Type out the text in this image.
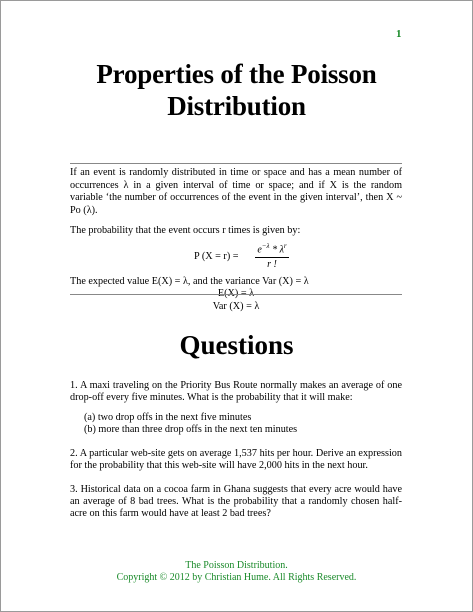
1
Properties of the Poisson
Distribution

If an event is randomly distributed in time or space and has a mean number of occurrences λ in a given interval of time or space; and if X is the random variable ‘the number of occurrences of the event in the given interval’, then X ~ Po (λ).

The probability that the event occurs r times is given by:

P (X = r) =
$e^{-\lambda} * \lambda^r$
r !

The expected value E(X) = λ, and the variance Var (X) = λ

E(X) = λ

Var (X) = λ

Questions
1. A maxi traveling on the Priority Bus Route normally makes an average of one drop-off every five minutes. What is the probability that it will make:
(a) two drop offs in the next five minutes
(b) more than three drop offs in the next ten minutes
2. A particular web-site gets on average 1,537 hits per hour. Derive an expression for the probability that this web-site will have 2,000 hits in the next hour.
3. Historical data on a cocoa farm in Ghana suggests that every acre would have an average of 8 bad trees. What is the probability that a randomly chosen half-acre on this farm would have at least 2 bad trees?
The Poisson Distribution.
Copyright © 2012 by Christian Hume. All Rights Reserved.
